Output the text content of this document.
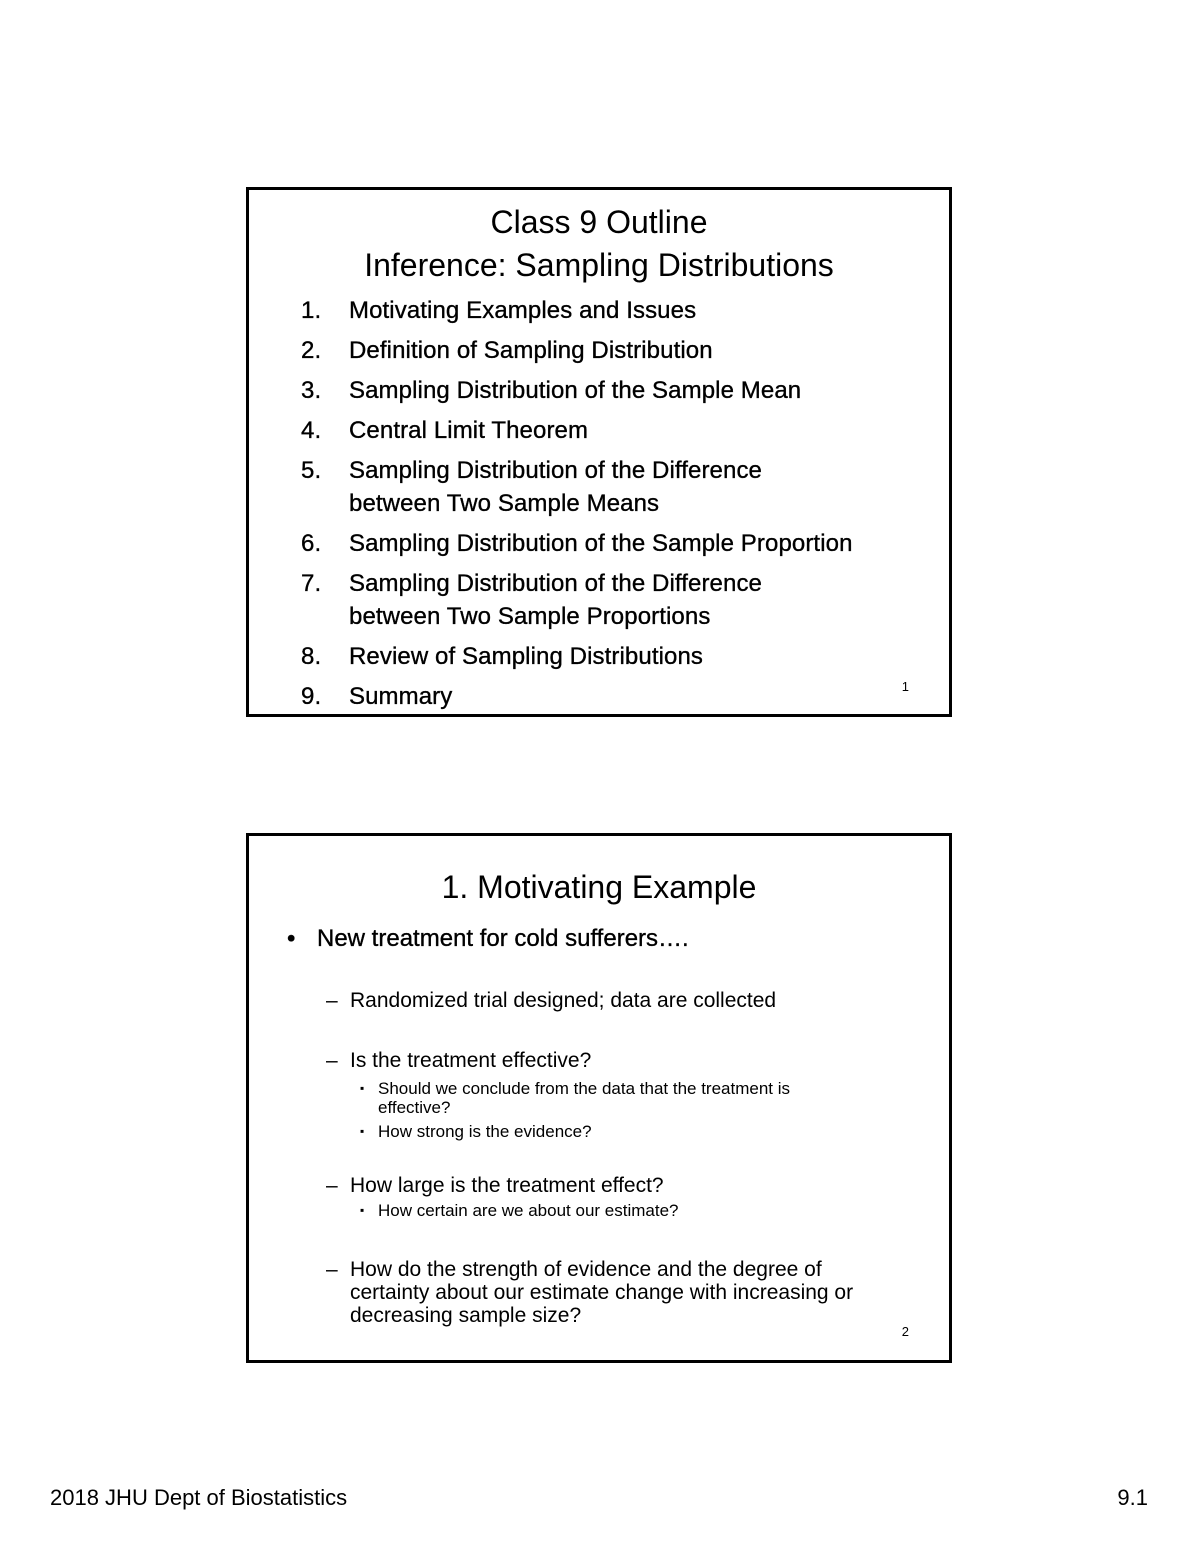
Class 9 Outline
Inference: Sampling Distributions
1. Motivating Examples and Issues
2. Definition of Sampling Distribution
3. Sampling Distribution of the Sample Mean
4. Central Limit Theorem
5. Sampling Distribution of the Difference between Two Sample Means
6. Sampling Distribution of the Sample Proportion
7. Sampling Distribution of the Difference between Two Sample Proportions
8. Review of Sampling Distributions
9. Summary	1
1. Motivating Example

• New treatment for cold sufferers….

– Randomized trial designed; data are collected
– Is the treatment effective?
▪ Should we conclude from the data that the treatment is effective?
▪ How strong is the evidence?
– How large is the treatment effect?
▪ How certain are we about our estimate?
– How do the strength of evidence and the degree of certainty about our estimate change with increasing or decreasing sample size?
2
2018 JHU Dept of Biostatistics	9.1
